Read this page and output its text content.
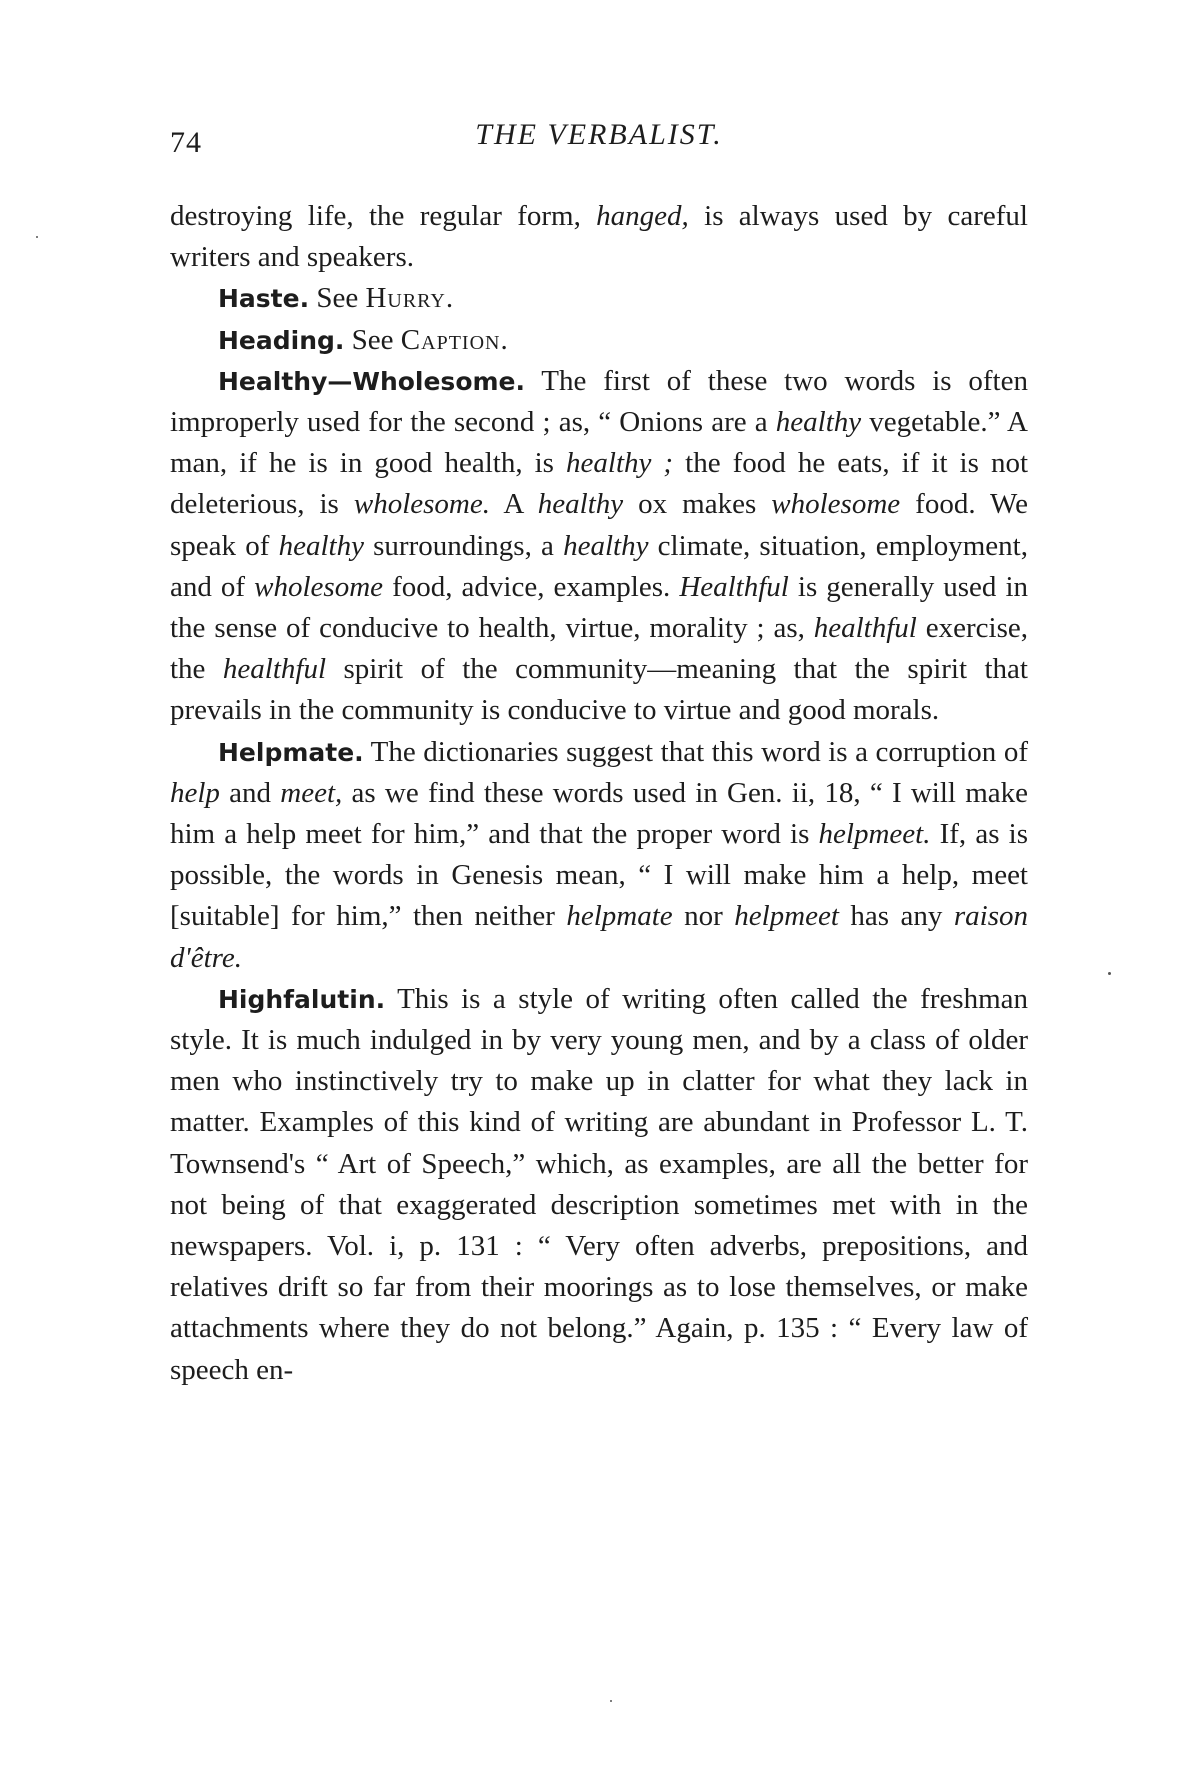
74	THE VERBALIST.

destroying life, the regular form, hanged, is always used by careful writers and speakers.

Haste. See Hurry.

Heading. See Caption.

Healthy—Wholesome. The first of these two words is often improperly used for the second ; as, “ Onions are a healthy vegetable.” A man, if he is in good health, is healthy ; the food he eats, if it is not deleterious, is wholesome. A healthy ox makes wholesome food. We speak of healthy surroundings, a healthy climate, situation, employment, and of wholesome food, advice, examples. Healthful is generally used in the sense of conducive to health, virtue, morality ; as, healthful exercise, the healthful spirit of the community—meaning that the spirit that prevails in the community is conducive to virtue and good morals.

Helpmate. The dictionaries suggest that this word is a corruption of help and meet, as we find these words used in Gen. ii, 18, “ I will make him a help meet for him,” and that the proper word is helpmeet. If, as is possible, the words in Genesis mean, “ I will make him a help, meet [suitable] for him,” then neither helpmate nor helpmeet has any raison d'être.

Highfalutin. This is a style of writing often called the freshman style. It is much indulged in by very young men, and by a class of older men who instinctively try to make up in clatter for what they lack in matter. Examples of this kind of writing are abundant in Professor L. T. Townsend's “ Art of Speech,” which, as examples, are all the better for not being of that exaggerated description sometimes met with in the newspapers. Vol. i, p. 131 : “ Very often adverbs, prepositions, and relatives drift so far from their moorings as to lose themselves, or make attachments where they do not belong.” Again, p. 135 : “ Every law of speech en-
